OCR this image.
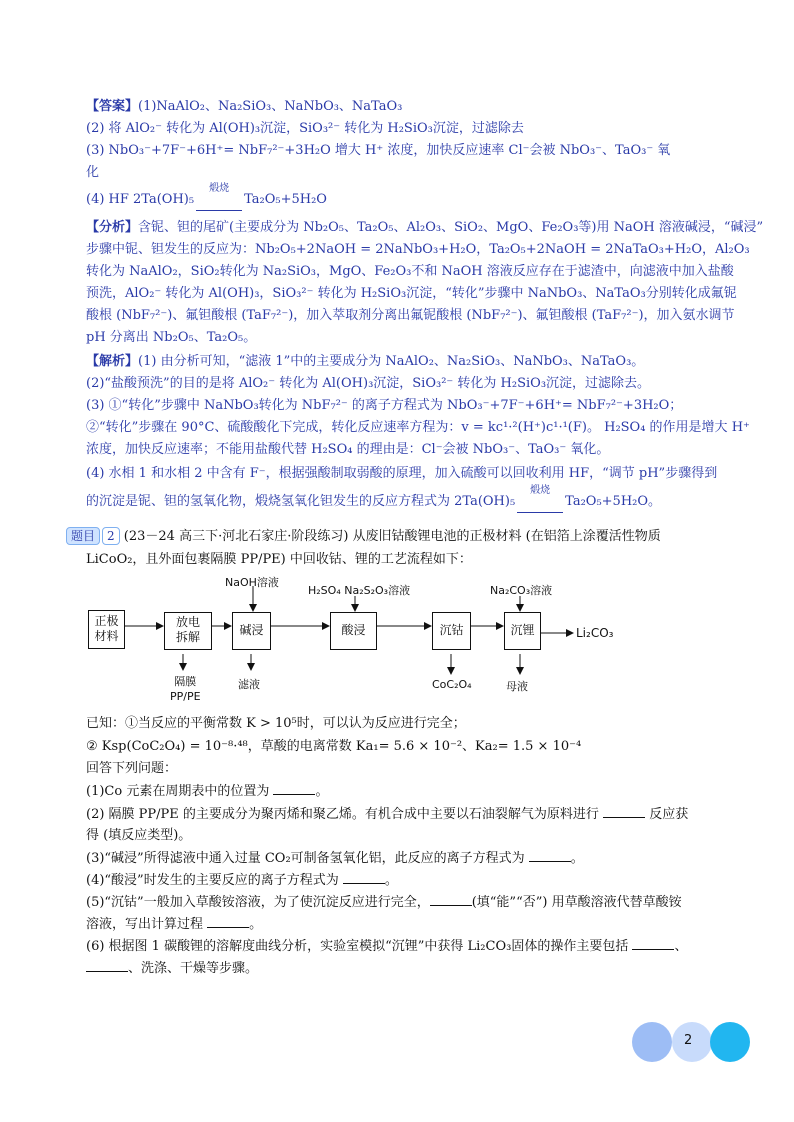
【答案】(1)NaAlO₂、Na₂SiO₃、NaNbO₃、NaTaO₃
(2) 将 AlO₂⁻ 转化为 Al(OH)₃沉淀，SiO₃²⁻ 转化为 H₂SiO₃沉淀，过滤除去
(3) NbO₃⁻+7F⁻+6H⁺= NbF₇²⁻+3H₂O 增大 H⁺ 浓度，加快反应速率 Cl⁻会被 NbO₃⁻、TaO₃⁻ 氧
化
(4) HF 2Ta(OH)₅
煅烧
Ta₂O₅+5H₂O
【分析】含铌、钽的尾矿(主要成分为 Nb₂O₅、Ta₂O₅、Al₂O₃、SiO₂、MgO、Fe₂O₃等)用 NaOH 溶液碱浸，“碱浸”
步骤中铌、钽发生的反应为：Nb₂O₅+2NaOH = 2NaNbO₃+H₂O，Ta₂O₅+2NaOH = 2NaTaO₃+H₂O，Al₂O₃
转化为 NaAlO₂，SiO₂转化为 Na₂SiO₃，MgO、Fe₂O₃不和 NaOH 溶液反应存在于滤渣中，向滤液中加入盐酸
预洗，AlO₂⁻ 转化为 Al(OH)₃，SiO₃²⁻ 转化为 H₂SiO₃沉淀，“转化”步骤中 NaNbO₃、NaTaO₃分别转化成氟铌
酸根 (NbF₇²⁻)、氟钽酸根 (TaF₇²⁻)，加入萃取剂分离出氟铌酸根 (NbF₇²⁻)、氟钽酸根 (TaF₇²⁻)，加入氨水调节
pH 分离出 Nb₂O₅、Ta₂O₅。
【解析】(1) 由分析可知，“滤液 1”中的主要成分为 NaAlO₂、Na₂SiO₃、NaNbO₃、NaTaO₃。
(2)“盐酸预洗”的目的是将 AlO₂⁻ 转化为 Al(OH)₃沉淀，SiO₃²⁻ 转化为 H₂SiO₃沉淀，过滤除去。
(3) ①“转化”步骤中 NaNbO₃转化为 NbF₇²⁻ 的离子方程式为 NbO₃⁻+7F⁻+6H⁺= NbF₇²⁻+3H₂O；
②“转化”步骤在 90°C、硫酸酸化下完成，转化反应速率方程为：v = kc¹·²(H⁺)c¹·¹(F)。 H₂SO₄ 的作用是增大 H⁺
浓度，加快反应速率；不能用盐酸代替 H₂SO₄ 的理由是：Cl⁻会被 NbO₃⁻、TaO₃⁻ 氧化。
(4) 水相 1 和水相 2 中含有 F⁻，根据强酸制取弱酸的原理，加入硫酸可以回收利用 HF，“调节 pH”步骤得到
的沉淀是铌、钽的氢氧化物，煅烧氢氧化钽发生的反应方程式为 2Ta(OH)₅
煅烧
Ta₂O₅+5H₂O。
题目 2 (23－24 高三下·河北石家庄·阶段练习) 从废旧钴酸锂电池的正极材料 (在铝箔上涂覆活性物质
LiCoO₂，且外面包裹隔膜 PP/PE) 中回收钴、锂的工艺流程如下：
正极
材料
放电
拆解	碱浸	酸浸	沉钴	沉锂
NaOH溶液
H₂SO₄ Na₂S₂O₃溶液	Na₂CO₃溶液
隔膜
PP/PE
滤液	CoC₂O₄	母液
Li₂CO₃
已知：①当反应的平衡常数 K > 10⁵时，可以认为反应进行完全；
② Ksp(CoC₂O₄) = 10⁻⁸·⁴⁸，草酸的电离常数 Ka₁= 5.6 × 10⁻²、Ka₂= 1.5 × 10⁻⁴
回答下列问题：
(1)Co 元素在周期表中的位置为	。
(2) 隔膜 PP/PE 的主要成分为聚丙烯和聚乙烯。有机合成中主要以石油裂解气为原料进行	反应获
得 (填反应类型)。
(3)“碱浸”所得滤液中通入过量 CO₂可制备氢氧化铝，此反应的离子方程式为	。
(4)“酸浸”时发生的主要反应的离子方程式为	。
(5)“沉钴”一般加入草酸铵溶液，为了使沉淀反应进行完全，	(填“能”“否”) 用草酸溶液代替草酸铵
溶液，写出计算过程	。
(6) 根据图 1 碳酸锂的溶解度曲线分析，实验室模拟“沉锂”中获得 Li₂CO₃固体的操作主要包括	、
、洗涤、干燥等步骤。
2
